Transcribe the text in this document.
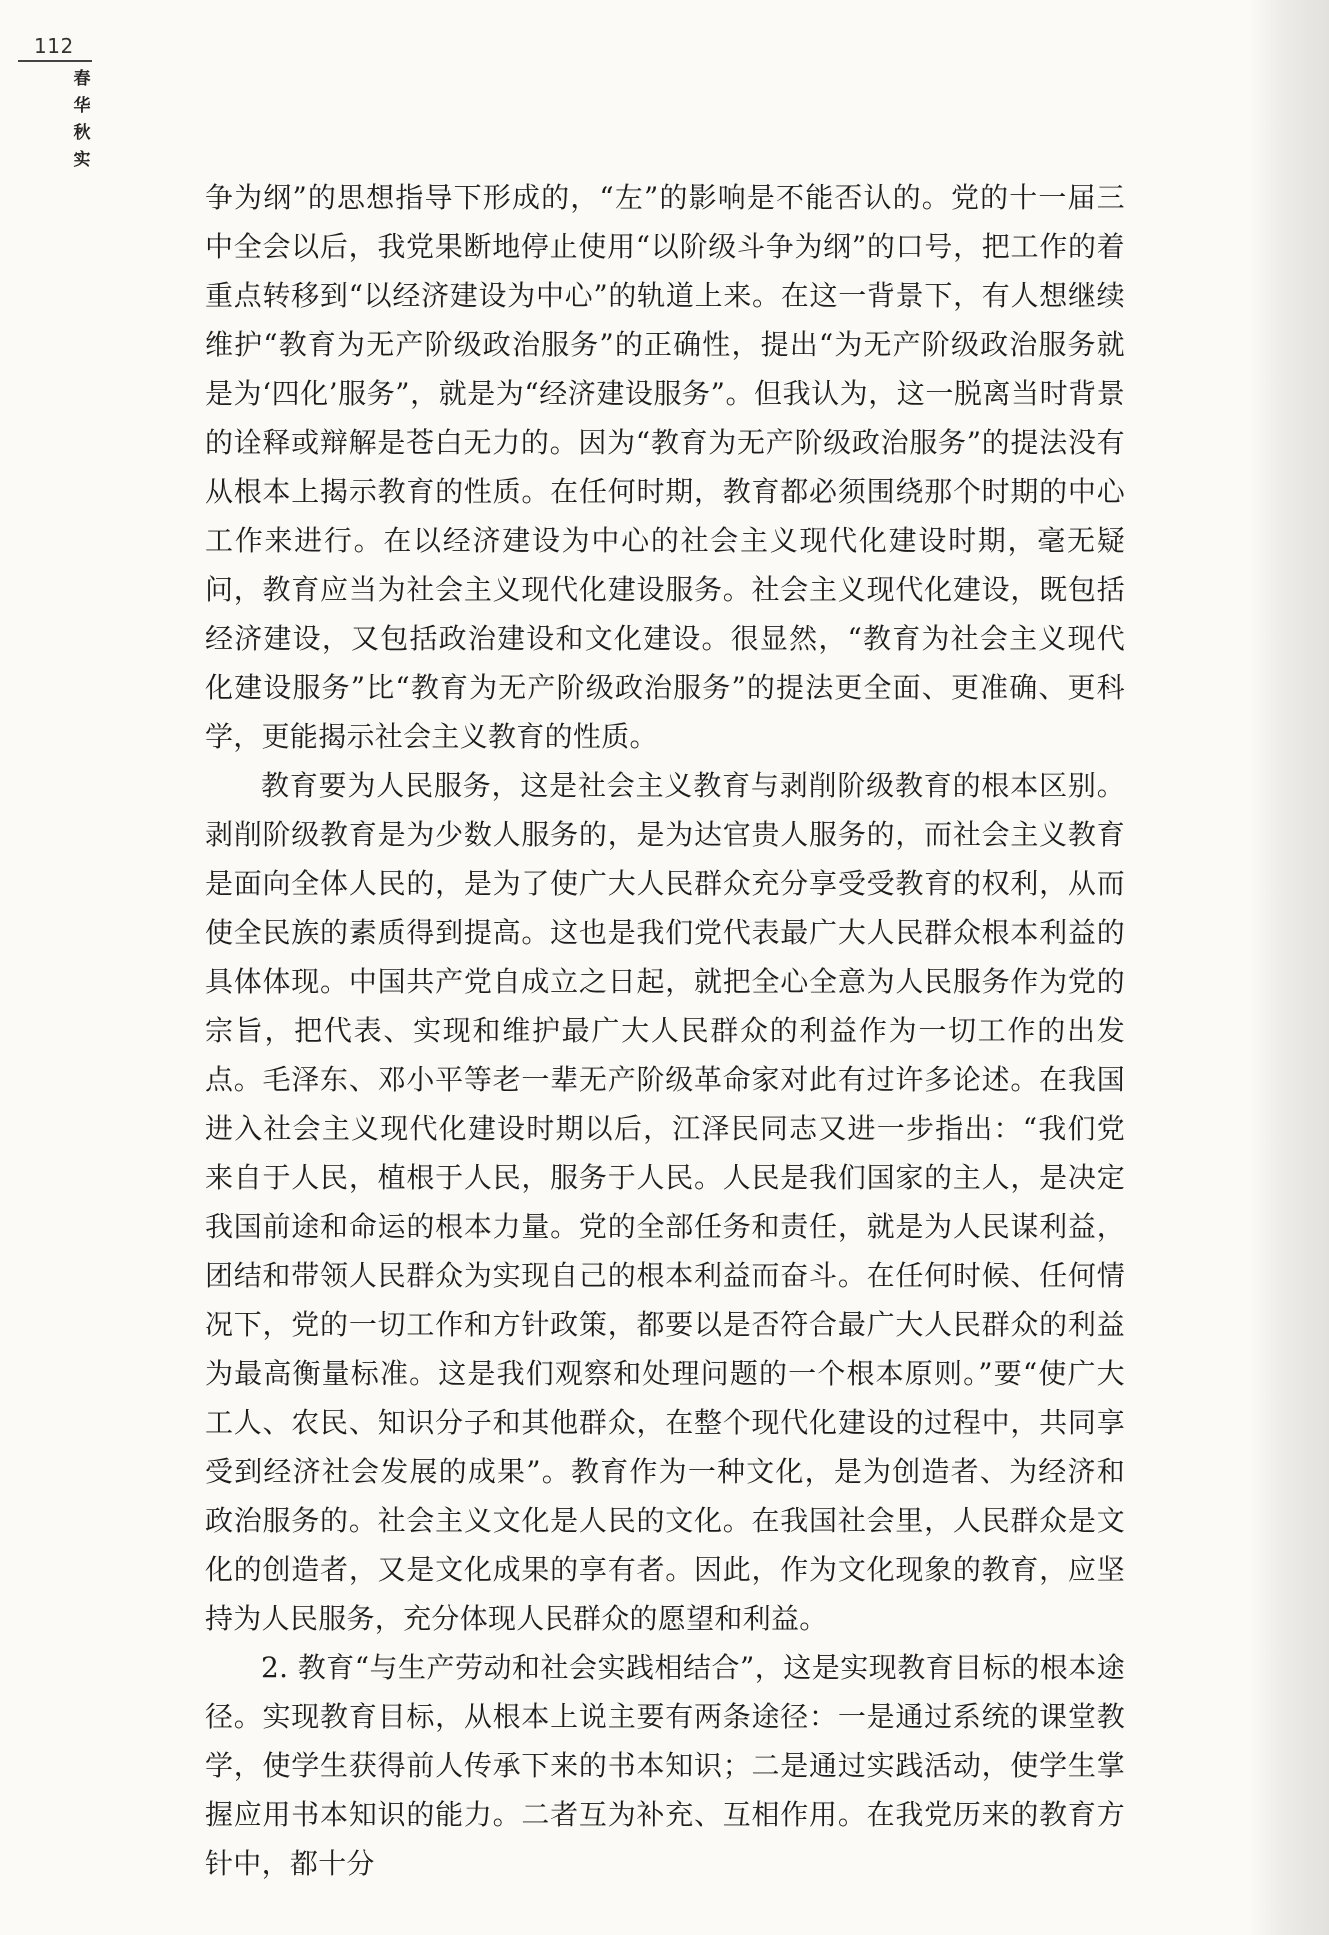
112
春华秋实

争为纲”的思想指导下形成的，“左”的影响是不能否认的。党的十一届三中全会以后，我党果断地停止使用“以阶级斗争为纲”的口号，把工作的着重点转移到“以经济建设为中心”的轨道上来。在这一背景下，有人想继续维护“教育为无产阶级政治服务”的正确性，提出“为无产阶级政治服务就是为‘四化’服务”，就是为“经济建设服务”。但我认为，这一脱离当时背景的诠释或辩解是苍白无力的。因为“教育为无产阶级政治服务”的提法没有从根本上揭示教育的性质。在任何时期，教育都必须围绕那个时期的中心工作来进行。在以经济建设为中心的社会主义现代化建设时期，毫无疑问，教育应当为社会主义现代化建设服务。社会主义现代化建设，既包括经济建设，又包括政治建设和文化建设。很显然，“教育为社会主义现代化建设服务”比“教育为无产阶级政治服务”的提法更全面、更准确、更科学，更能揭示社会主义教育的性质。

教育要为人民服务，这是社会主义教育与剥削阶级教育的根本区别。剥削阶级教育是为少数人服务的，是为达官贵人服务的，而社会主义教育是面向全体人民的，是为了使广大人民群众充分享受受教育的权利，从而使全民族的素质得到提高。这也是我们党代表最广大人民群众根本利益的具体体现。中国共产党自成立之日起，就把全心全意为人民服务作为党的宗旨，把代表、实现和维护最广大人民群众的利益作为一切工作的出发点。毛泽东、邓小平等老一辈无产阶级革命家对此有过许多论述。在我国进入社会主义现代化建设时期以后，江泽民同志又进一步指出：“我们党来自于人民，植根于人民，服务于人民。人民是我们国家的主人，是决定我国前途和命运的根本力量。党的全部任务和责任，就是为人民谋利益，团结和带领人民群众为实现自己的根本利益而奋斗。在任何时候、任何情况下，党的一切工作和方针政策，都要以是否符合最广大人民群众的利益为最高衡量标准。这是我们观察和处理问题的一个根本原则。”要“使广大工人、农民、知识分子和其他群众，在整个现代化建设的过程中，共同享受到经济社会发展的成果”。教育作为一种文化，是为创造者、为经济和政治服务的。社会主义文化是人民的文化。在我国社会里，人民群众是文化的创造者，又是文化成果的享有者。因此，作为文化现象的教育，应坚持为人民服务，充分体现人民群众的愿望和利益。

2. 教育“与生产劳动和社会实践相结合”，这是实现教育目标的根本途径。实现教育目标，从根本上说主要有两条途径：一是通过系统的课堂教学，使学生获得前人传承下来的书本知识；二是通过实践活动，使学生掌握应用书本知识的能力。二者互为补充、互相作用。在我党历来的教育方针中，都十分
